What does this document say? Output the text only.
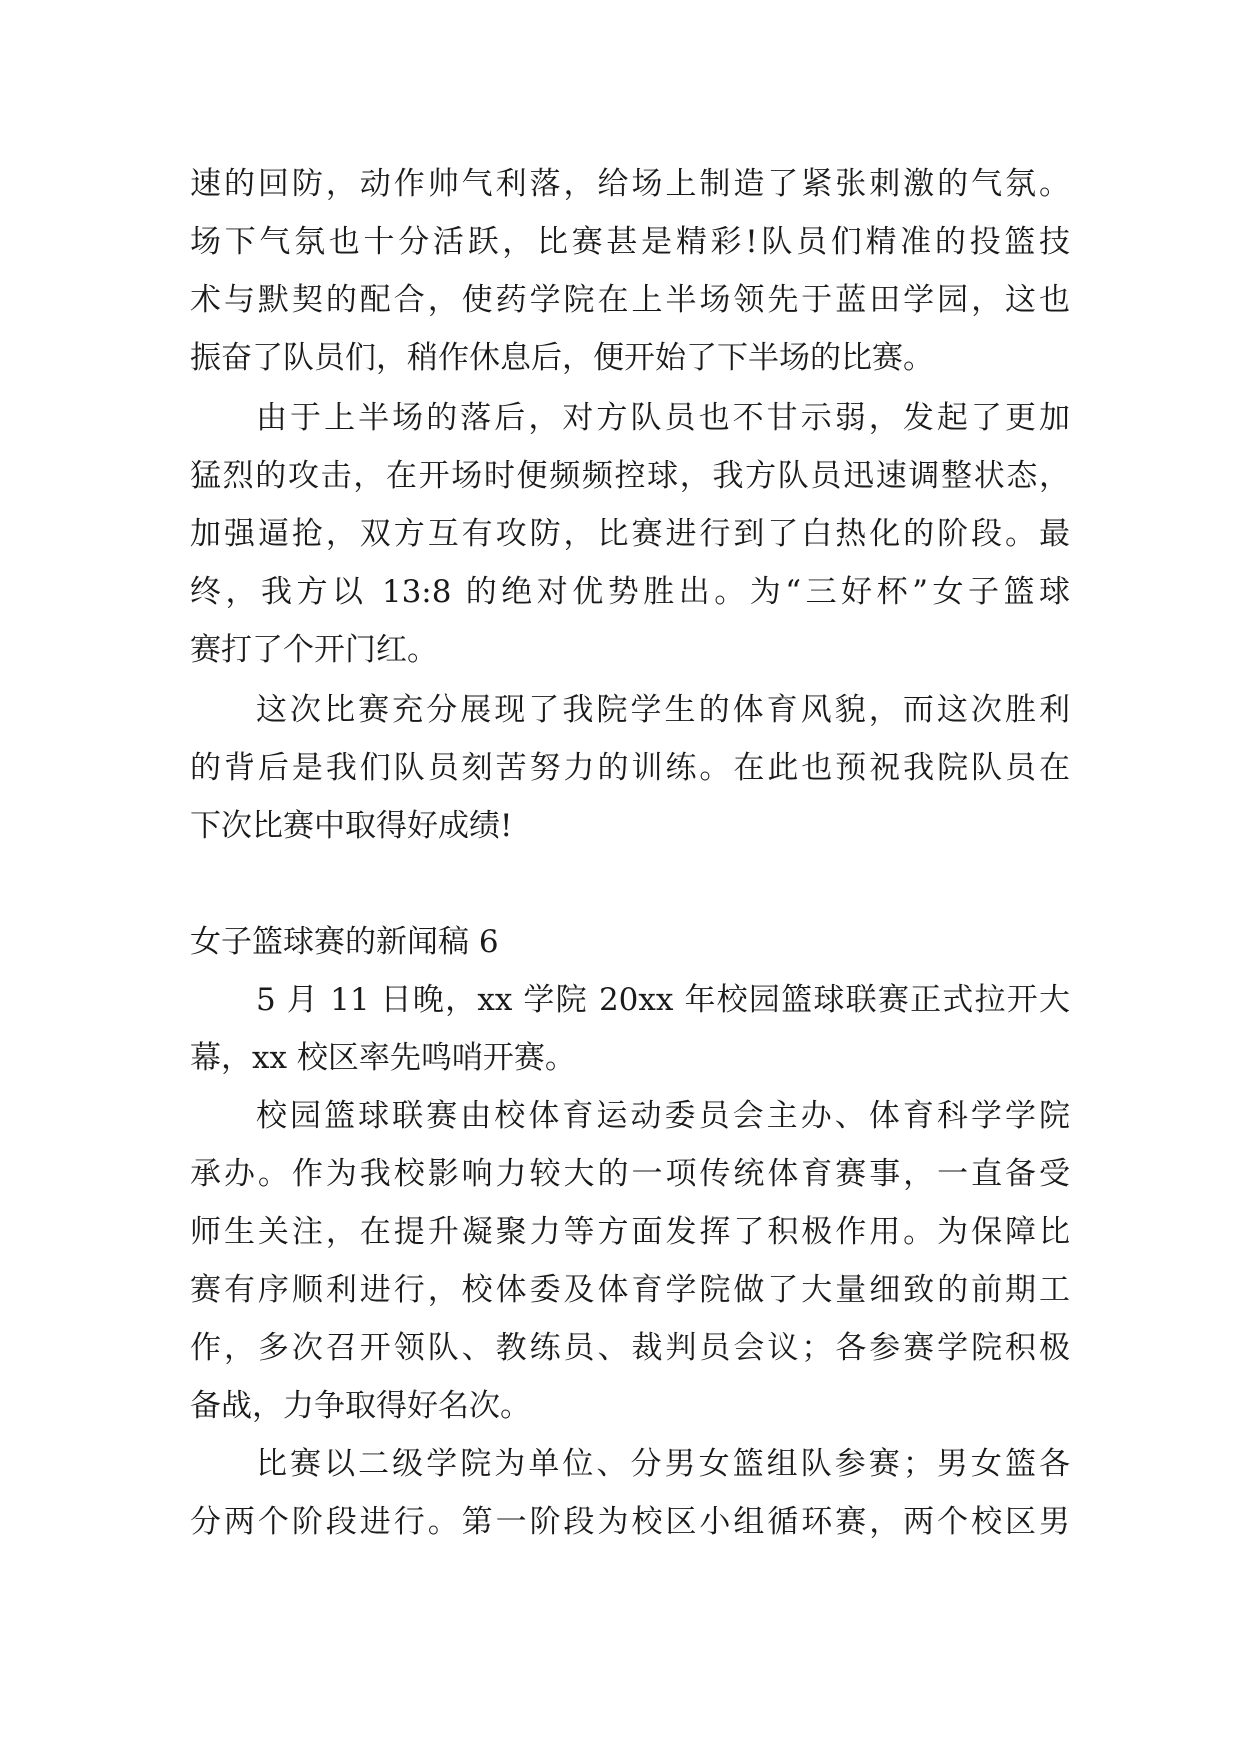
速的回防，动作帅气利落，给场上制造了紧张刺激的气氛。
场下气氛也十分活跃，比赛甚是精彩!队员们精准的投篮技
术与默契的配合，使药学院在上半场领先于蓝田学园，这也
振奋了队员们，稍作休息后，便开始了下半场的比赛。
由于上半场的落后，对方队员也不甘示弱，发起了更加
猛烈的攻击，在开场时便频频控球，我方队员迅速调整状态，
加强逼抢，双方互有攻防，比赛进行到了白热化的阶段。最
终，我方以 13:8 的绝对优势胜出。为“三好杯”女子篮球
赛打了个开门红。
这次比赛充分展现了我院学生的体育风貌，而这次胜利
的背后是我们队员刻苦努力的训练。在此也预祝我院队员在
下次比赛中取得好成绩!
女子篮球赛的新闻稿 6
5 月 11 日晚，xx 学院 20xx 年校园篮球联赛正式拉开大
幕，xx 校区率先鸣哨开赛。
校园篮球联赛由校体育运动委员会主办、体育科学学院
承办。作为我校影响力较大的一项传统体育赛事，一直备受
师生关注，在提升凝聚力等方面发挥了积极作用。为保障比
赛有序顺利进行，校体委及体育学院做了大量细致的前期工
作，多次召开领队、教练员、裁判员会议；各参赛学院积极
备战，力争取得好名次。
比赛以二级学院为单位、分男女篮组队参赛；男女篮各
分两个阶段进行。第一阶段为校区小组循环赛，两个校区男
